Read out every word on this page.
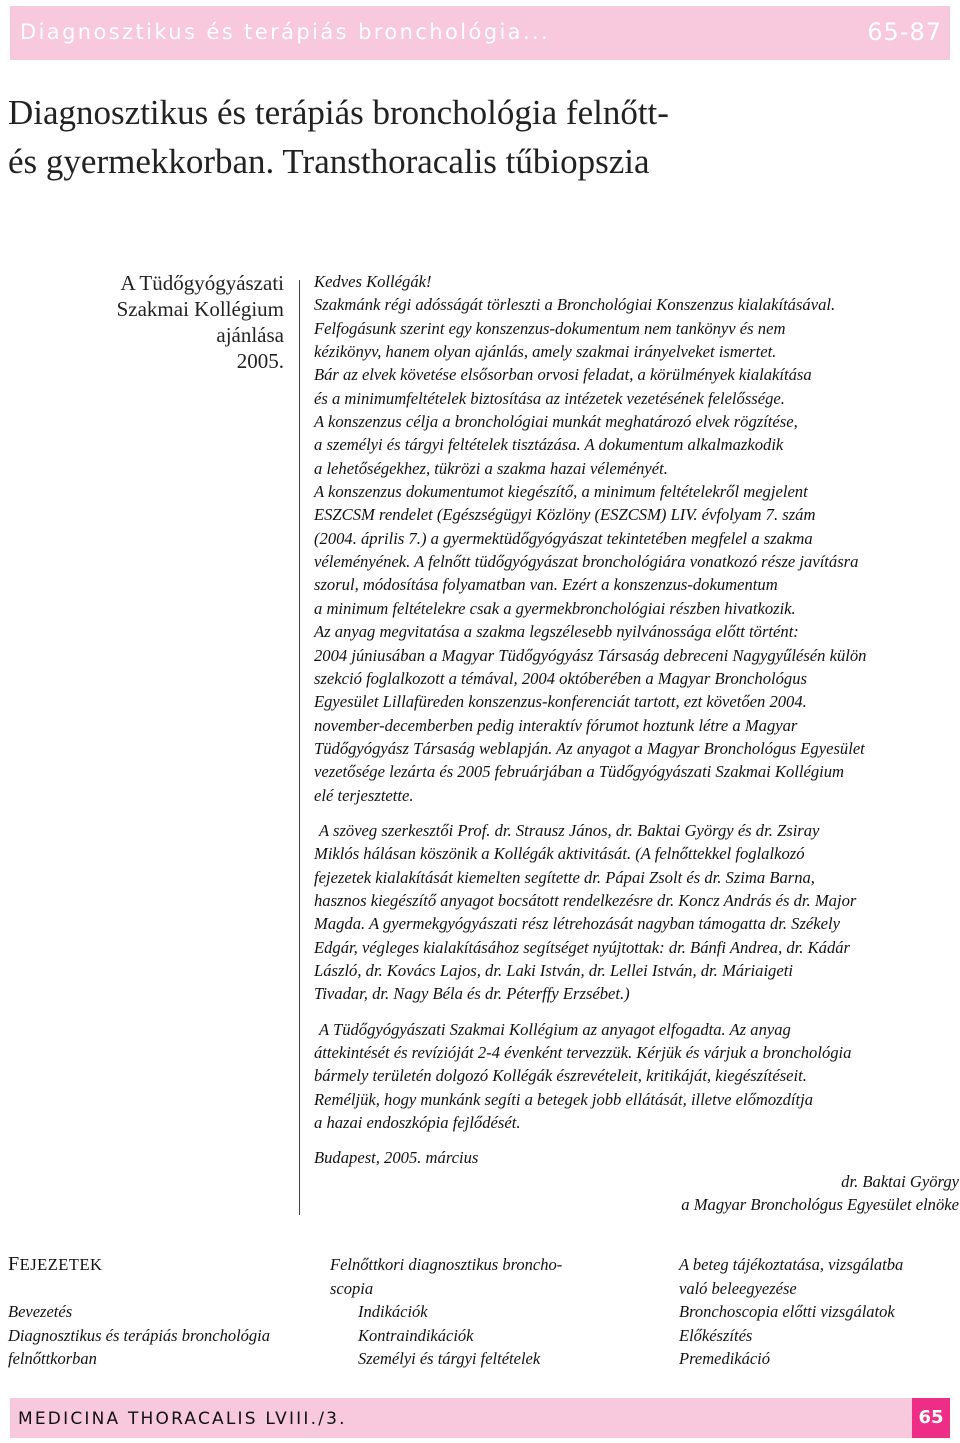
Diagnosztikus és terápiás bronchológia...	65-87
Diagnosztikus és terápiás bronchológia felnőtt-
és gyermekkorban. Transthoracalis tűbiopszia
A Tüdőgyógyászati
Szakmai Kollégium
ajánlása
2005.

Kedves Kollégák!

Szakmánk régi adósságát törleszti a Bronchológiai Konszenzus kialakításával.

Felfogásunk szerint egy konszenzus-dokumentum nem tankönyv és nem

kézikönyv, hanem olyan ajánlás, amely szakmai irányelveket ismertet.

Bár az elvek követése elsősorban orvosi feladat, a körülmények kialakítása

és a minimumfeltételek biztosítása az intézetek vezetésének felelőssége.

A konszenzus célja a bronchológiai munkát meghatározó elvek rögzítése,

a személyi és tárgyi feltételek tisztázása. A dokumentum alkalmazkodik

a lehetőségekhez, tükrözi a szakma hazai véleményét.

A konszenzus dokumentumot kiegészítő, a minimum feltételekről megjelent

ESZCSM rendelet (Egészségügyi Közlöny (ESZCSM) LIV. évfolyam 7. szám

(2004. április 7.) a gyermektüdőgyógyászat tekintetében megfelel a szakma

véleményének. A felnőtt tüdőgyógyászat bronchológiára vonatkozó része javításra

szorul, módosítása folyamatban van. Ezért a konszenzus-dokumentum

a minimum feltételekre csak a gyermekbronchológiai részben hivatkozik.

Az anyag megvitatása a szakma legszélesebb nyilvánossága előtt történt:

2004 júniusában a Magyar Tüdőgyógyász Társaság debreceni Nagygyűlésén külön

szekció foglalkozott a témával, 2004 októberében a Magyar Bronchológus

Egyesület Lillafüreden konszenzus-konferenciát tartott, ezt követően 2004.

november-decemberben pedig interaktív fórumot hoztunk létre a Magyar

Tüdőgyógyász Társaság weblapján. Az anyagot a Magyar Bronchológus Egyesület

vezetősége lezárta és 2005 februárjában a Tüdőgyógyászati Szakmai Kollégium

elé terjesztette.

A szöveg szerkesztői Prof. dr. Strausz János, dr. Baktai György és dr. Zsiray

Miklós hálásan köszönik a Kollégák aktivitását. (A felnőttekkel foglalkozó

fejezetek kialakítását kiemelten segítette dr. Pápai Zsolt és dr. Szima Barna,

hasznos kiegészítő anyagot bocsátott rendelkezésre dr. Koncz András és dr. Major

Magda. A gyermekgyógyászati rész létrehozását nagyban támogatta dr. Székely

Edgár, végleges kialakításához segítséget nyújtottak: dr. Bánfi Andrea, dr. Kádár

László, dr. Kovács Lajos, dr. Laki István, dr. Lellei István, dr. Máriaigeti

Tivadar, dr. Nagy Béla és dr. Péterffy Erzsébet.)

A Tüdőgyógyászati Szakmai Kollégium az anyagot elfogadta. Az anyag

áttekintését és revízióját 2-4 évenként tervezzük. Kérjük és várjuk a bronchológia

bármely területén dolgozó Kollégák észrevételeit, kritikáját, kiegészítéseit.

Reméljük, hogy munkánk segíti a betegek jobb ellátását, illetve előmozdítja

a hazai endoszkópia fejlődését.

Budapest, 2005. március

dr. Baktai György

a Magyar Bronchológus Egyesület elnöke

FEJEZETEK

Bevezetés
Diagnosztikus és terápiás bronchológia
felnőttkorban
Felnőttkori diagnosztikus broncho-
scopia
Indikációk
Kontraindikációk
Személyi és tárgyi feltételek
A beteg tájékoztatása, vizsgálatba
való beleegyezése
Bronchoscopia előtti vizsgálatok
Előkészítés
Premedikáció
MEDICINA THORACALIS LVIII./3.	65
